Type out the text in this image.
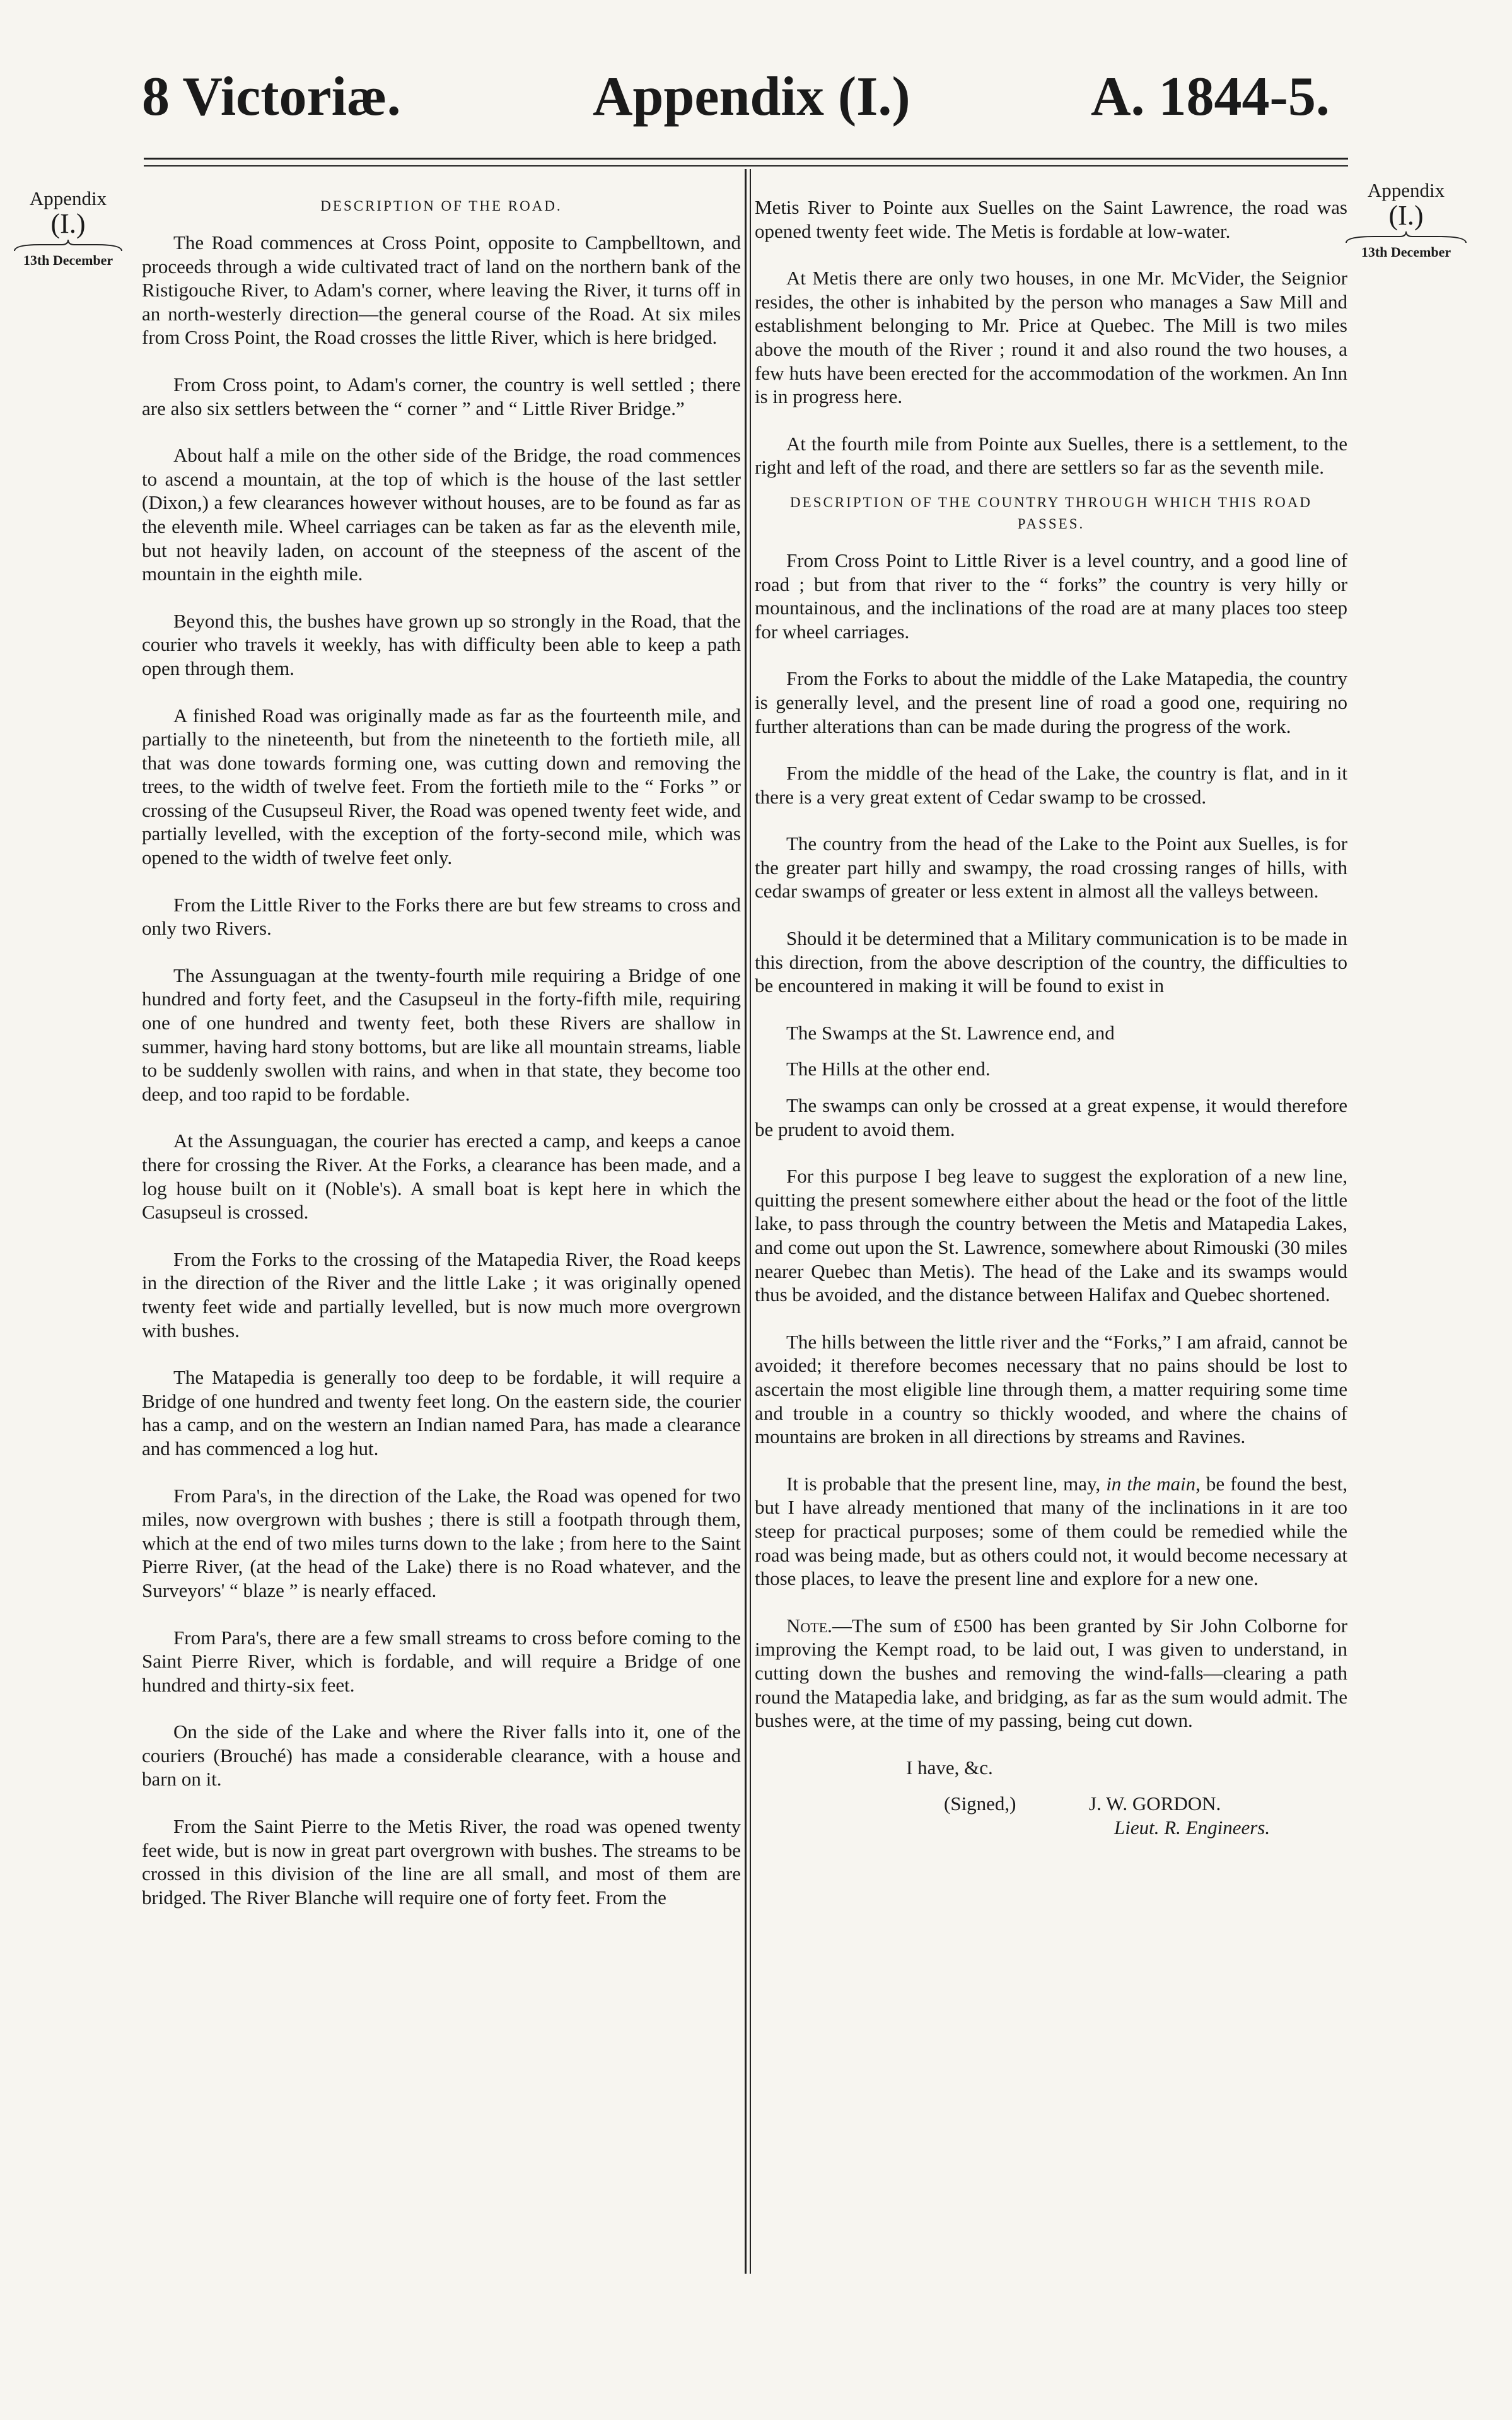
8 Victoriæ.	Appendix (I.)	A. 1844-5.
Appendix
(I.)
13th December
Appendix
(I.)
13th December
DESCRIPTION OF THE ROAD.

The Road commences at Cross Point, opposite to Campbelltown, and proceeds through a wide cultivated tract of land on the northern bank of the Ristigouche River, to Adam's corner, where leaving the River, it turns off in an north-westerly direction—the general course of the Road. At six miles from Cross Point, the Road crosses the little River, which is here bridged.

From Cross point, to Adam's corner, the country is well settled ; there are also six settlers between the “ corner ” and “ Little River Bridge.”

About half a mile on the other side of the Bridge, the road commences to ascend a mountain, at the top of which is the house of the last settler (Dixon,) a few clearances however without houses, are to be found as far as the eleventh mile. Wheel carriages can be taken as far as the eleventh mile, but not heavily laden, on account of the steepness of the ascent of the mountain in the eighth mile.

Beyond this, the bushes have grown up so strongly in the Road, that the courier who travels it weekly, has with difficulty been able to keep a path open through them.

A finished Road was originally made as far as the fourteenth mile, and partially to the nineteenth, but from the nineteenth to the fortieth mile, all that was done towards forming one, was cutting down and removing the trees, to the width of twelve feet. From the fortieth mile to the “ Forks ” or crossing of the Cusupseul River, the Road was opened twenty feet wide, and partially levelled, with the exception of the forty-second mile, which was opened to the width of twelve feet only.

From the Little River to the Forks there are but few streams to cross and only two Rivers.

The Assunguagan at the twenty-fourth mile requiring a Bridge of one hundred and forty feet, and the Casupseul in the forty-fifth mile, requiring one of one hundred and twenty feet, both these Rivers are shallow in summer, having hard stony bottoms, but are like all mountain streams, liable to be suddenly swollen with rains, and when in that state, they become too deep, and too rapid to be fordable.

At the Assunguagan, the courier has erected a camp, and keeps a canoe there for crossing the River. At the Forks, a clearance has been made, and a log house built on it (Noble's). A small boat is kept here in which the Casupseul is crossed.

From the Forks to the crossing of the Matapedia River, the Road keeps in the direction of the River and the little Lake ; it was originally opened twenty feet wide and partially levelled, but is now much more overgrown with bushes.

The Matapedia is generally too deep to be fordable, it will require a Bridge of one hundred and twenty feet long. On the eastern side, the courier has a camp, and on the western an Indian named Para, has made a clearance and has commenced a log hut.

From Para's, in the direction of the Lake, the Road was opened for two miles, now overgrown with bushes ; there is still a footpath through them, which at the end of two miles turns down to the lake ; from here to the Saint Pierre River, (at the head of the Lake) there is no Road whatever, and the Surveyors' “ blaze ” is nearly effaced.

From Para's, there are a few small streams to cross before coming to the Saint Pierre River, which is fordable, and will require a Bridge of one hundred and thirty-six feet.

On the side of the Lake and where the River falls into it, one of the couriers (Brouché) has made a considerable clearance, with a house and barn on it.

From the Saint Pierre to the Metis River, the road was opened twenty feet wide, but is now in great part overgrown with bushes. The streams to be crossed in this division of the line are all small, and most of them are bridged. The River Blanche will require one of forty feet. From the

Metis River to Pointe aux Suelles on the Saint Lawrence, the road was opened twenty feet wide. The Metis is fordable at low-water.

At Metis there are only two houses, in one Mr. McVider, the Seignior resides, the other is inhabited by the person who manages a Saw Mill and establishment belonging to Mr. Price at Quebec. The Mill is two miles above the mouth of the River ; round it and also round the two houses, a few huts have been erected for the accommodation of the workmen. An Inn is in progress here.

At the fourth mile from Pointe aux Suelles, there is a settlement, to the right and left of the road, and there are settlers so far as the seventh mile.

DESCRIPTION OF THE COUNTRY THROUGH WHICH THIS ROAD PASSES.

From Cross Point to Little River is a level country, and a good line of road ; but from that river to the “ forks” the country is very hilly or mountainous, and the inclinations of the road are at many places too steep for wheel carriages.

From the Forks to about the middle of the Lake Matapedia, the country is generally level, and the present line of road a good one, requiring no further alterations than can be made during the progress of the work.

From the middle of the head of the Lake, the country is flat, and in it there is a very great extent of Cedar swamp to be crossed.

The country from the head of the Lake to the Point aux Suelles, is for the greater part hilly and swampy, the road crossing ranges of hills, with cedar swamps of greater or less extent in almost all the valleys between.

Should it be determined that a Military communication is to be made in this direction, from the above description of the country, the difficulties to be encountered in making it will be found to exist in

The Swamps at the St. Lawrence end, and

The Hills at the other end.

The swamps can only be crossed at a great expense, it would therefore be prudent to avoid them.

For this purpose I beg leave to suggest the exploration of a new line, quitting the present somewhere either about the head or the foot of the little lake, to pass through the country between the Metis and Matapedia Lakes, and come out upon the St. Lawrence, somewhere about Rimouski (30 miles nearer Quebec than Metis). The head of the Lake and its swamps would thus be avoided, and the distance between Halifax and Quebec shortened.

The hills between the little river and the “Forks,” I am afraid, cannot be avoided; it therefore becomes necessary that no pains should be lost to ascertain the most eligible line through them, a matter requiring some time and trouble in a country so thickly wooded, and where the chains of mountains are broken in all directions by streams and Ravines.

It is probable that the present line, may, in the main, be found the best, but I have already mentioned that many of the inclinations in it are too steep for practical purposes; some of them could be remedied while the road was being made, but as others could not, it would become necessary at those places, to leave the present line and explore for a new one.

Note.—The sum of £500 has been granted by Sir John Colborne for improving the Kempt road, to be laid out, I was given to understand, in cutting down the bushes and removing the wind-falls—clearing a path round the Matapedia lake, and bridging, as far as the sum would admit. The bushes were, at the time of my passing, being cut down.

I have, &c.
(Signed,)	J. W. GORDON.
Lieut. R. Engineers.
